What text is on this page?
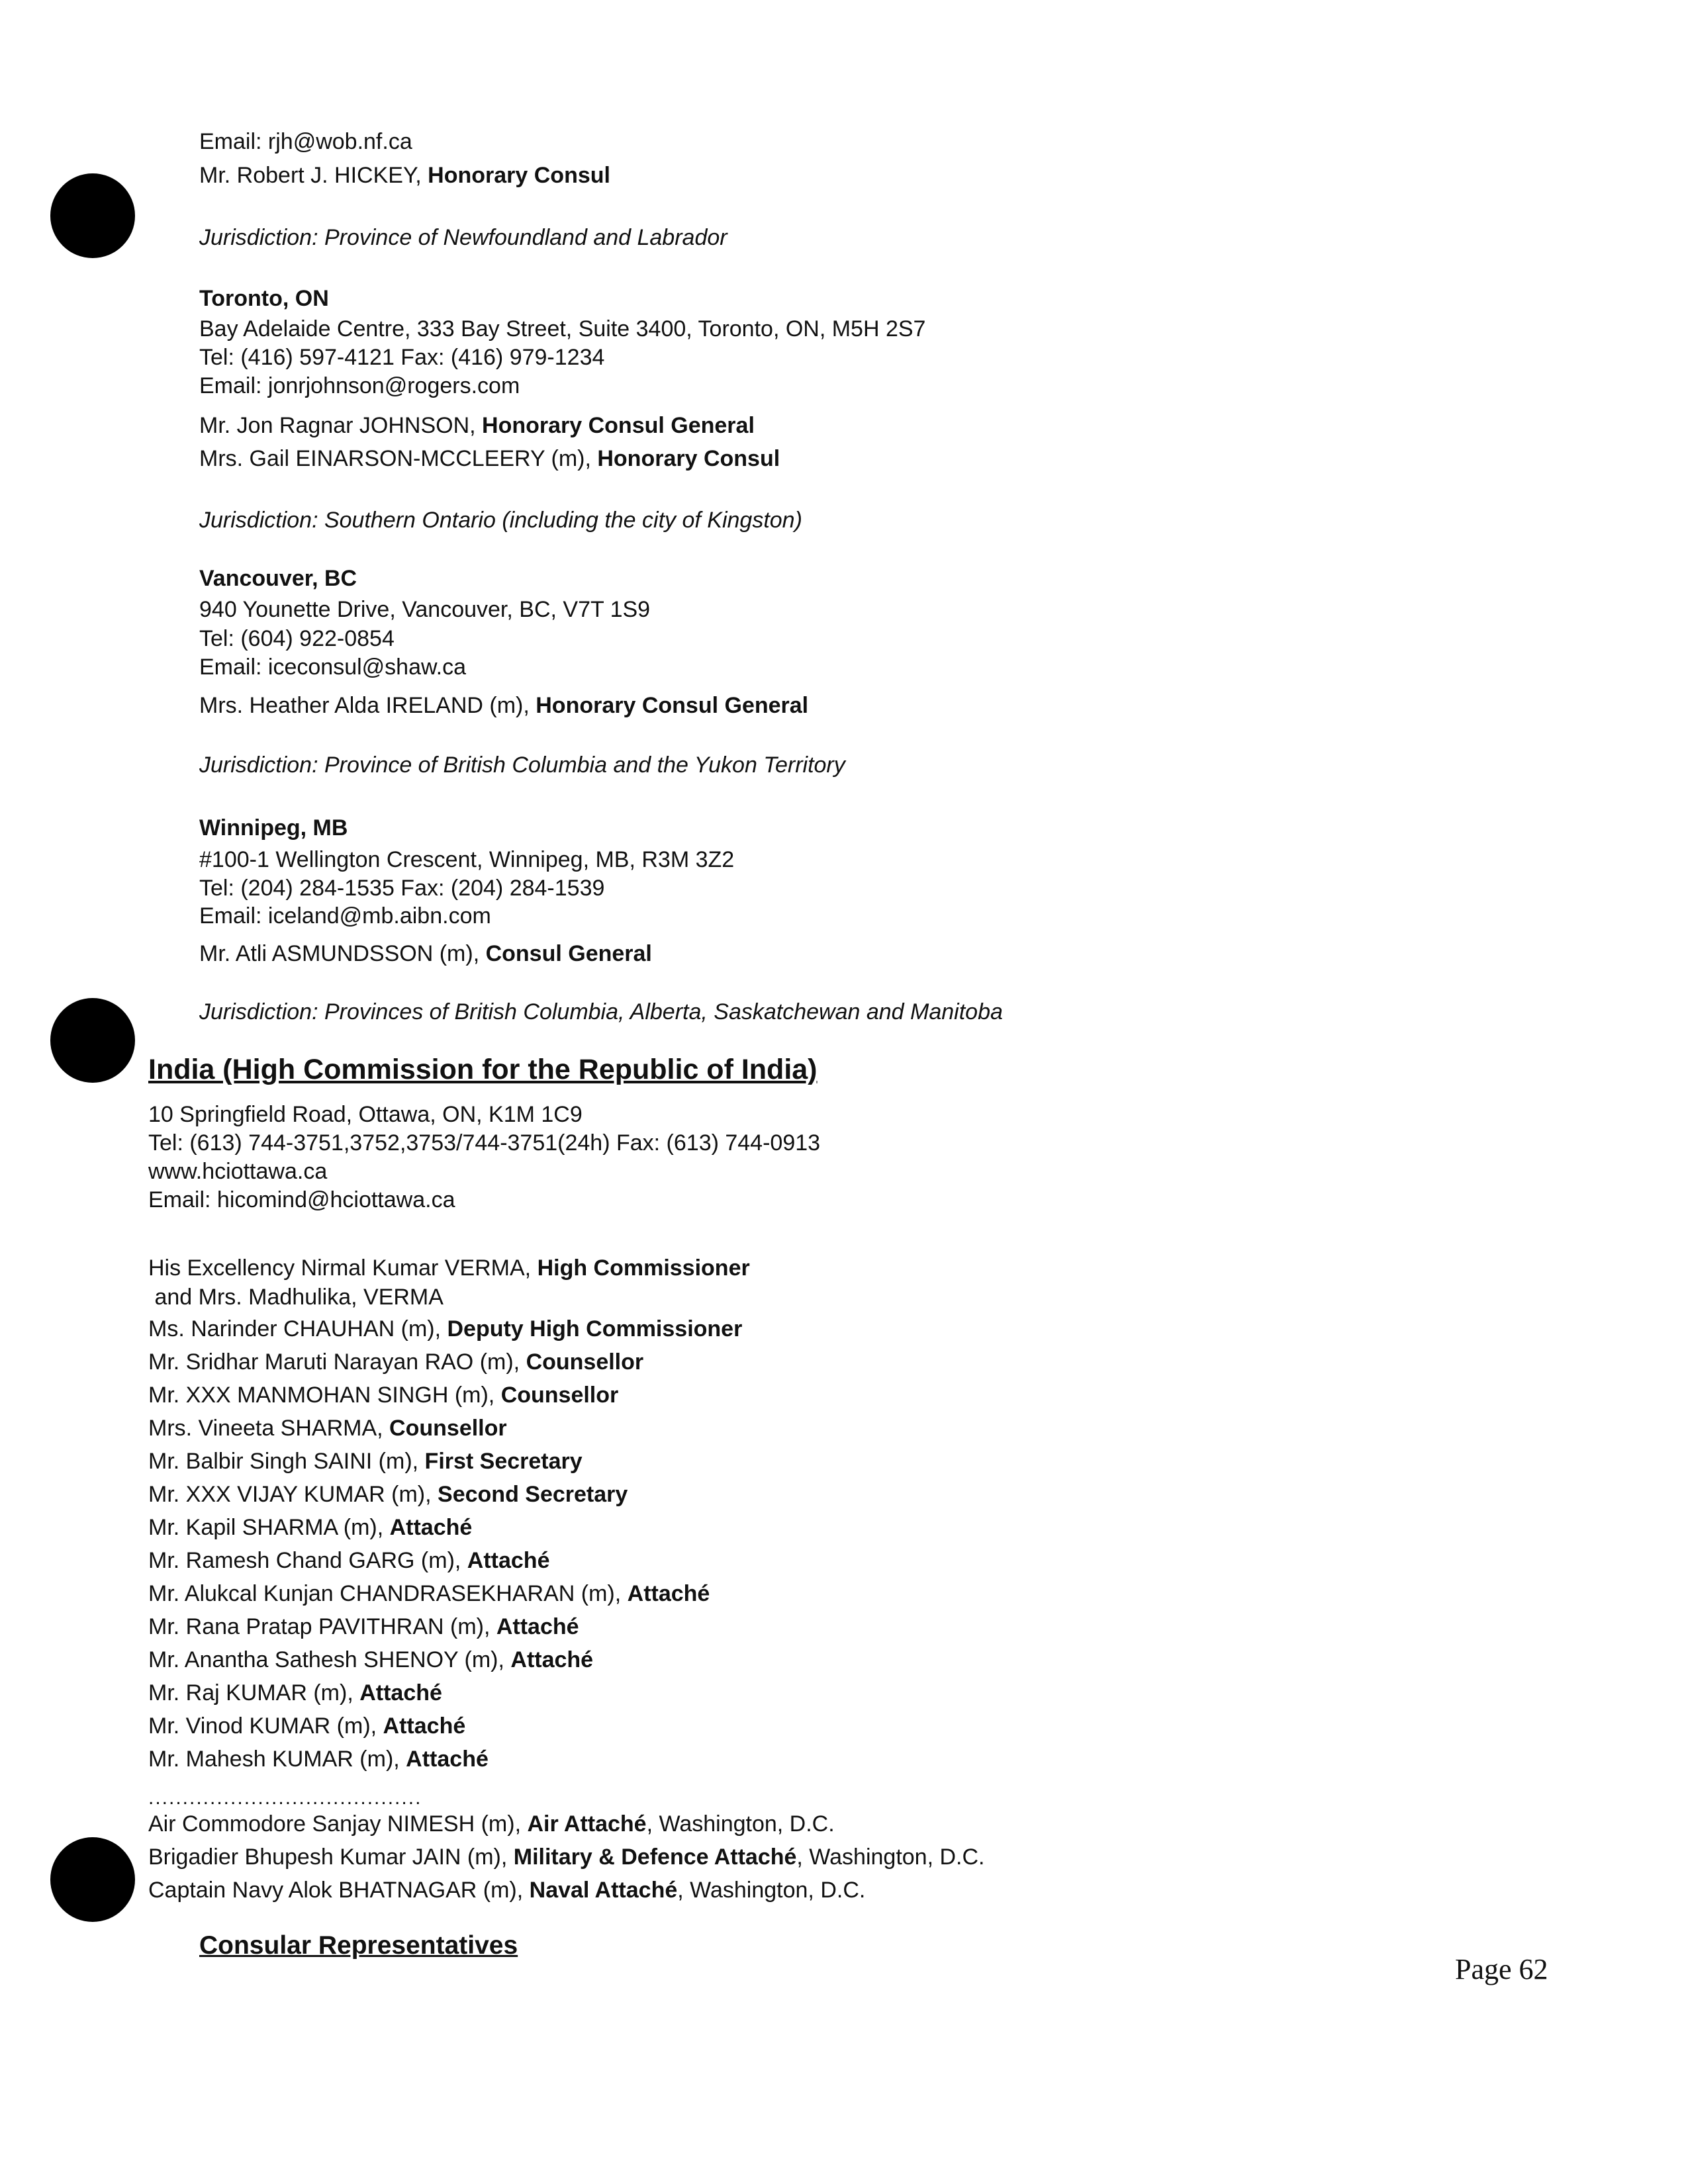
Email: rjh@wob.nf.ca
Mr. Robert J. HICKEY, Honorary Consul
Jurisdiction: Province of Newfoundland and Labrador
Toronto, ON
Bay Adelaide Centre, 333 Bay Street, Suite 3400, Toronto, ON, M5H 2S7
Tel: (416) 597-4121 Fax: (416) 979-1234
Email: jonrjohnson@rogers.com
Mr. Jon Ragnar JOHNSON, Honorary Consul General
Mrs. Gail EINARSON-MCCLEERY (m), Honorary Consul
Jurisdiction: Southern Ontario (including the city of Kingston)
Vancouver, BC
940 Younette Drive, Vancouver, BC, V7T 1S9
Tel: (604) 922-0854
Email: iceconsul@shaw.ca
Mrs. Heather Alda IRELAND (m), Honorary Consul General
Jurisdiction: Province of British Columbia and the Yukon Territory
Winnipeg, MB
#100-1 Wellington Crescent, Winnipeg, MB, R3M 3Z2
Tel: (204) 284-1535 Fax: (204) 284-1539
Email: iceland@mb.aibn.com
Mr. Atli ASMUNDSSON (m), Consul General
Jurisdiction: Provinces of British Columbia, Alberta, Saskatchewan and Manitoba
India (High Commission for the Republic of India)
10 Springfield Road, Ottawa, ON, K1M 1C9
Tel: (613) 744-3751,3752,3753/744-3751(24h) Fax: (613) 744-0913
www.hciottawa.ca
Email: hicomind@hciottawa.ca
His Excellency Nirmal Kumar VERMA, High Commissioner
and Mrs. Madhulika, VERMA
Ms. Narinder CHAUHAN (m), Deputy High Commissioner
Mr. Sridhar Maruti Narayan RAO (m), Counsellor
Mr. XXX MANMOHAN SINGH (m), Counsellor
Mrs. Vineeta SHARMA, Counsellor
Mr. Balbir Singh SAINI (m), First Secretary
Mr. XXX VIJAY KUMAR (m), Second Secretary
Mr. Kapil SHARMA (m), Attaché
Mr. Ramesh Chand GARG (m), Attaché
Mr. Alukcal Kunjan CHANDRASEKHARAN (m), Attaché
Mr. Rana Pratap PAVITHRAN (m), Attaché
Mr. Anantha Sathesh SHENOY (m), Attaché
Mr. Raj KUMAR (m), Attaché
Mr. Vinod KUMAR (m), Attaché
Mr. Mahesh KUMAR (m), Attaché
........................................
Air Commodore Sanjay NIMESH (m), Air Attaché, Washington, D.C.
Brigadier Bhupesh Kumar JAIN (m), Military & Defence Attaché, Washington, D.C.
Captain Navy Alok BHATNAGAR (m), Naval Attaché, Washington, D.C.
Consular Representatives
Page 62
